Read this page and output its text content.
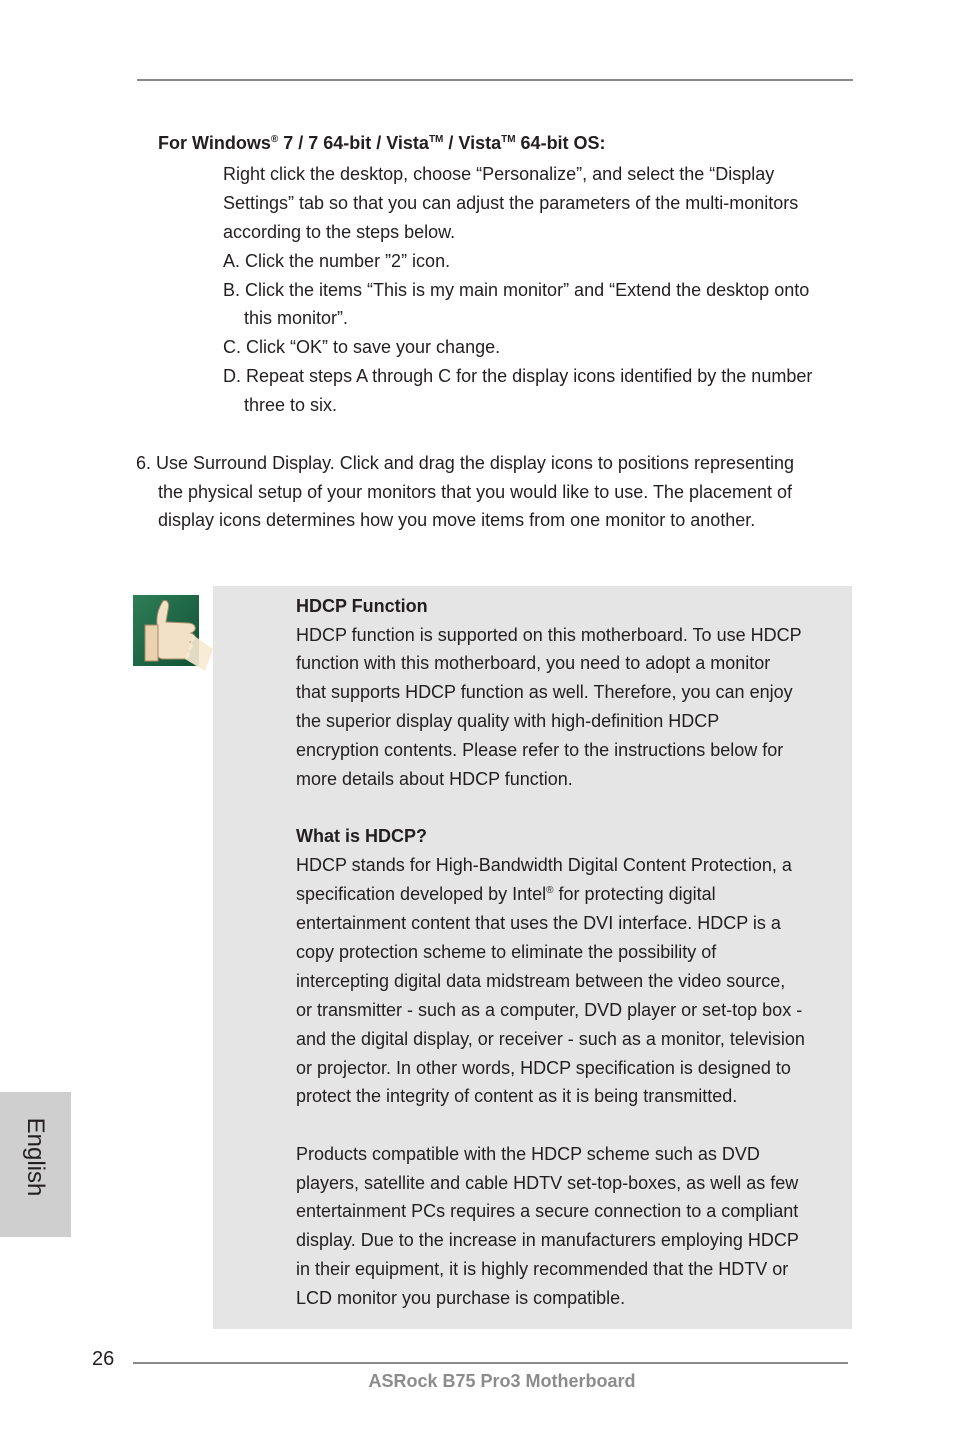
For Windows® 7 / 7 64-bit / Vista™ / Vista™ 64-bit OS:
Right click the desktop, choose “Personalize”, and select the “Display
Settings” tab so that you can adjust the parameters of the multi-monitors
according to the steps below.
A. Click the number ”2” icon.
B. Click the items “This is my main monitor” and “Extend the desktop onto
this monitor”.
C. Click “OK” to save your change.
D. Repeat steps A through C for the display icons identified by the number
three to six.
6. Use Surround Display. Click and drag the display icons to positions representing
the physical setup of your monitors that you would like to use. The placement of
display icons determines how you move items from one monitor to another.
HDCP Function
HDCP function is supported on this motherboard. To use HDCP
function with this motherboard, you need to adopt a monitor
that supports HDCP function as well. Therefore, you can enjoy
the superior display quality with high-definition HDCP
encryption contents. Please refer to the instructions below for
more details about HDCP function.
What is HDCP?
HDCP stands for High-Bandwidth Digital Content Protection, a
specification developed by Intel® for protecting digital
entertainment content that uses the DVI interface. HDCP is a
copy protection scheme to eliminate the possibility of
intercepting digital data midstream between the video source,
or transmitter - such as a computer, DVD player or set-top box -
and the digital display, or receiver - such as a monitor, television
or projector. In other words, HDCP specification is designed to
protect the integrity of content as it is being transmitted.
Products compatible with the HDCP scheme such as DVD
players, satellite and cable HDTV set-top-boxes, as well as few
entertainment PCs requires a secure connection to a compliant
display. Due to the increase in manufacturers employing HDCP
in their equipment, it is highly recommended that the HDTV or
LCD monitor you purchase is compatible.
English
26
ASRock B75 Pro3 Motherboard
